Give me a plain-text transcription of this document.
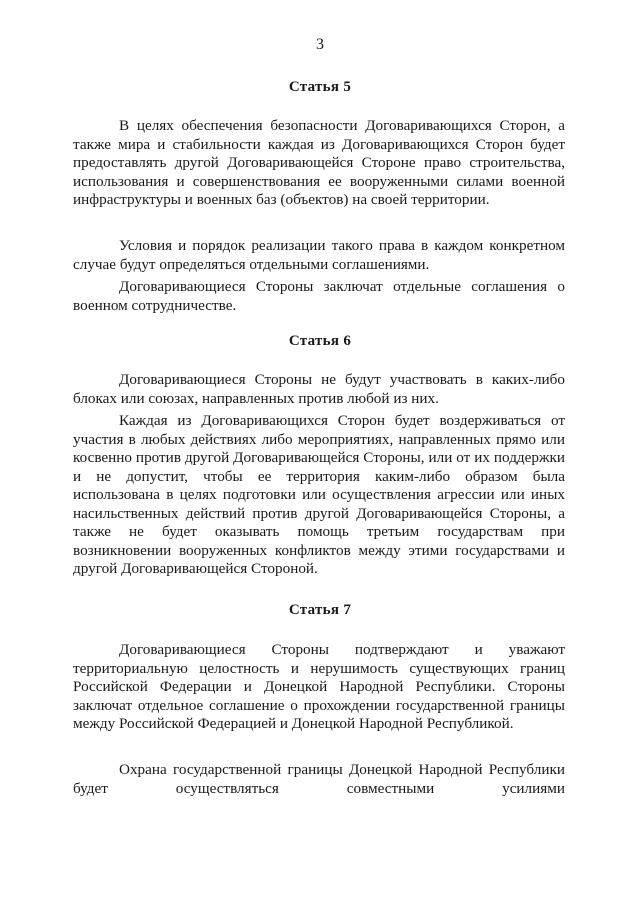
3
Статья 5

В целях обеспечения безопасности Договаривающихся Сторон, а также мира и стабильности каждая из Договаривающихся Сторон будет предоставлять другой Договаривающейся Стороне право строительства, использования и совершенствования ее вооруженными силами военной инфраструктуры и военных баз (объектов) на своей территории.

Условия и порядок реализации такого права в каждом конкретном случае будут определяться отдельными соглашениями.

Договаривающиеся Стороны заключат отдельные соглашения о военном сотрудничестве.

Статья 6

Договаривающиеся Стороны не будут участвовать в каких-либо блоках или союзах, направленных против любой из них.

Каждая из Договаривающихся Сторон будет воздерживаться от участия в любых действиях либо мероприятиях, направленных прямо или косвенно против другой Договаривающейся Стороны, или от их поддержки и не допустит, чтобы ее территория каким-либо образом была использована в целях подготовки или осуществления агрессии или иных насильственных действий против другой Договаривающейся Стороны, а также не будет оказывать помощь третьим государствам при возникновении вооруженных конфликтов между этими государствами и другой Договаривающейся Стороной.

Статья 7

Договаривающиеся Стороны подтверждают и уважают территориальную целостность и нерушимость существующих границ Российской Федерации и Донецкой Народной Республики. Стороны заключат отдельное соглашение о прохождении государственной границы между Российской Федерацией и Донецкой Народной Республикой.

Охрана государственной границы Донецкой Народной Республики будет осуществляться совместными усилиями
